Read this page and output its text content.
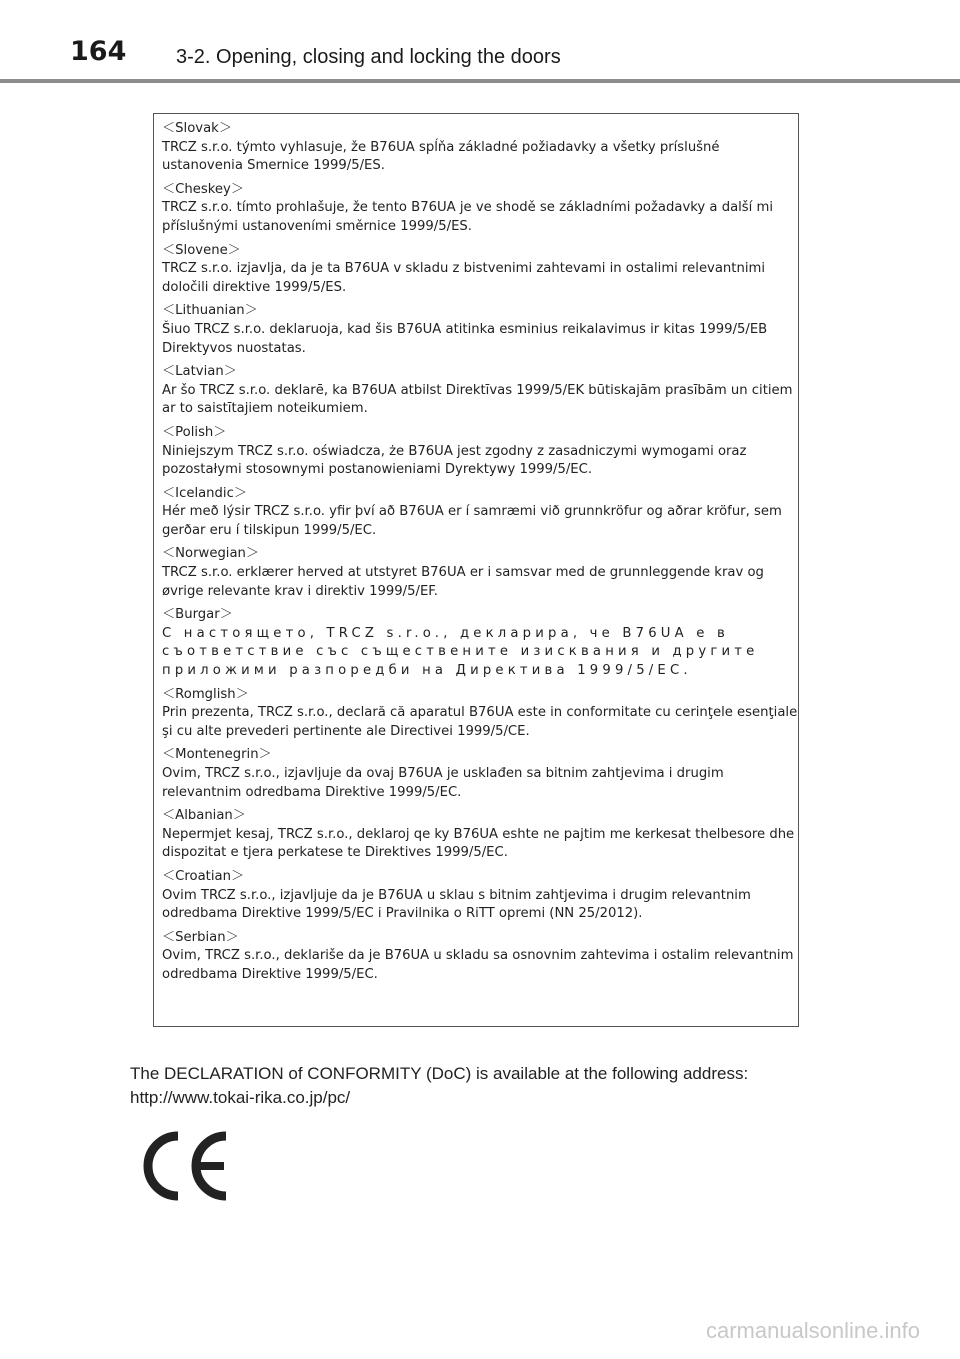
164 3-2. Opening, closing and locking the doors
＜Slovak＞
TRCZ s.r.o. týmto vyhlasuje, že B76UA spĺňa základné požiadavky a všetky príslušné ustanovenia Smernice 1999/5/ES.
＜Cheskey＞
TRCZ s.r.o. tímto prohlašuje, že tento B76UA je ve shodě se základními požadavky a další mi příslušnými ustanoveními směrnice 1999/5/ES.
＜Slovene＞
TRCZ s.r.o. izjavlja, da je ta B76UA v skladu z bistvenimi zahtevami in ostalimi relevantnimi določili direktive 1999/5/ES.
＜Lithuanian＞
Šiuo TRCZ s.r.o. deklaruoja, kad šis B76UA atitinka esminius reikalavimus ir kitas 1999/5/EB Direktyvos nuostatas.
＜Latvian＞
Ar šo TRCZ s.r.o. deklarē, ka B76UA atbilst Direktīvas 1999/5/EK būtiskajām prasībām un citiem ar to saistītajiem noteikumiem.
＜Polish＞
Niniejszym TRCZ s.r.o. oświadcza, że B76UA jest zgodny z zasadniczymi wymogami oraz pozostałymi stosownymi postanowieniami Dyrektywy 1999/5/EC.
＜Icelandic＞
Hér með lýsir TRCZ s.r.o. yfir því að B76UA er í samræmi við grunnkröfur og aðrar kröfur, sem gerðar eru í tilskipun 1999/5/EC.
＜Norwegian＞
TRCZ s.r.o. erklærer herved at utstyret B76UA er i samsvar med de grunnleggende krav og øvrige relevante krav i direktiv 1999/5/EF.
＜Burgar＞
С настоящето, TRCZ s.r.o., декларира, че B76UA е в съответствие със съществените изисквания и другите приложими разпоредби на Директива 1999/5/ЕС.
＜Romglish＞
Prin prezenta, TRCZ s.r.o., declară că aparatul B76UA este in conformitate cu cerinţele esenţiale şi cu alte prevederi pertinente ale Directivei 1999/5/CE.
＜Montenegrin＞
Ovim, TRCZ s.r.o., izjavljuje da ovaj B76UA je usklađen sa bitnim zahtjevima i drugim relevantnim odredbama Direktive 1999/5/EC.
＜Albanian＞
Nepermjet kesaj, TRCZ s.r.o., deklaroj qe ky B76UA eshte ne pajtim me kerkesat thelbesore dhe dispozitat e tjera perkatese te Direktives 1999/5/EC.
＜Croatian＞
Ovim TRCZ s.r.o., izjavljuje da je B76UA u sklau s bitnim zahtjevima i drugim relevantnim odredbama Direktive 1999/5/EC i Pravilnika o RiTT opremi (NN 25/2012).
＜Serbian＞
Ovim, TRCZ s.r.o., deklariše da je B76UA u skladu sa osnovnim zahtevima i ostalim relevantnim odredbama Direktive 1999/5/EC.
The DECLARATION of CONFORMITY (DoC) is available at the following address:
http://www.tokai-rika.co.jp/pc/
carmanualsonline.info
